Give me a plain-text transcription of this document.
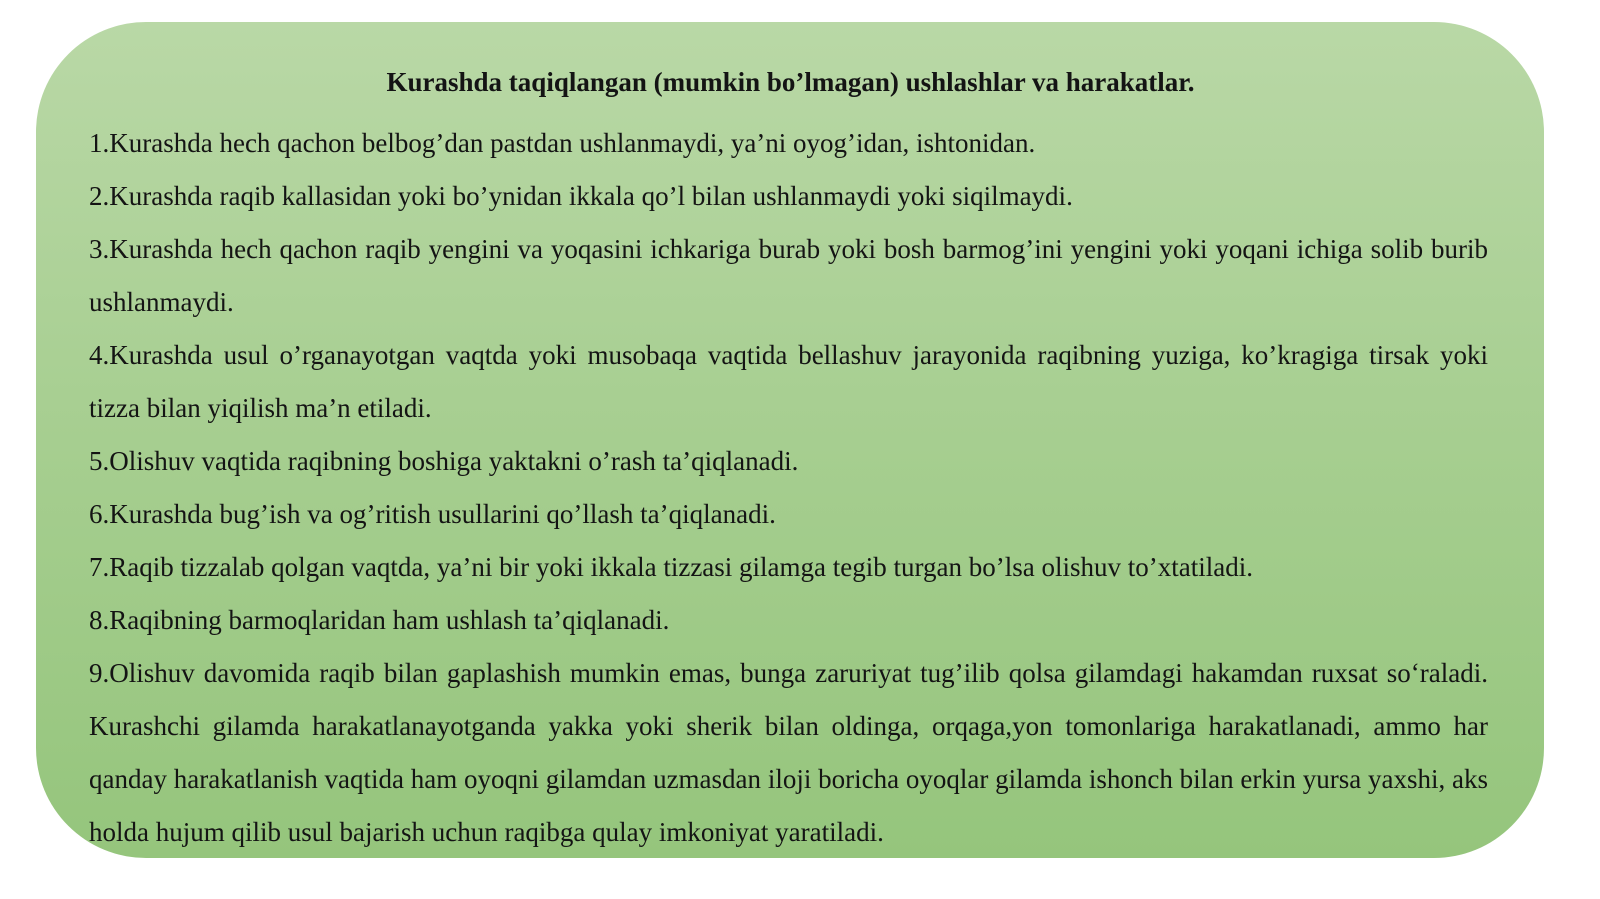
Kurashda taqiqlangan (mumkin bo’lmagan) ushlashlar va harakatlar.

1.Kurashda hech qachon belbog’dan pastdan ushlanmaydi, ya’ni oyog’idan, ishtonidan.

2.Kurashda raqib kallasidan yoki bo’ynidan ikkala qo’l bilan ushlanmaydi yoki siqilmaydi.

3.Kurashda hech qachon raqib yengini va yoqasini ichkariga burab yoki bosh barmog’ini yengini yoki yoqani ichiga solib burib ushlanmaydi.

4.Kurashda usul o’rganayotgan vaqtda yoki musobaqa vaqtida bellashuv jarayonida raqibning yuziga, ko’kragiga tirsak yoki tizza bilan yiqilish ma’n etiladi.

5.Olishuv vaqtida raqibning boshiga yaktakni o’rash ta’qiqlanadi.

6.Kurashda bug’ish va og’ritish usullarini qo’llash ta’qiqlanadi.

7.Raqib tizzalab qolgan vaqtda, ya’ni bir yoki ikkala tizzasi gilamga tegib turgan bo’lsa olishuv to’xtatiladi.

8.Raqibning barmoqlaridan ham ushlash ta’qiqlanadi.

9.Olishuv davomida raqib bilan gaplashish mumkin emas, bunga zaruriyat tug’ilib qolsa gilamdagi hakamdan ruxsat so‘raladi. Kurashchi gilamda harakatlanayotganda yakka yoki sherik bilan oldinga, orqaga,yon tomonlariga harakatlanadi, ammo har qanday harakatlanish vaqtida ham oyoqni gilamdan uzmasdan iloji boricha oyoqlar gilamda ishonch bilan erkin yursa yaxshi, aks holda hujum qilib usul bajarish uchun raqibga qulay imkoniyat yaratiladi.
